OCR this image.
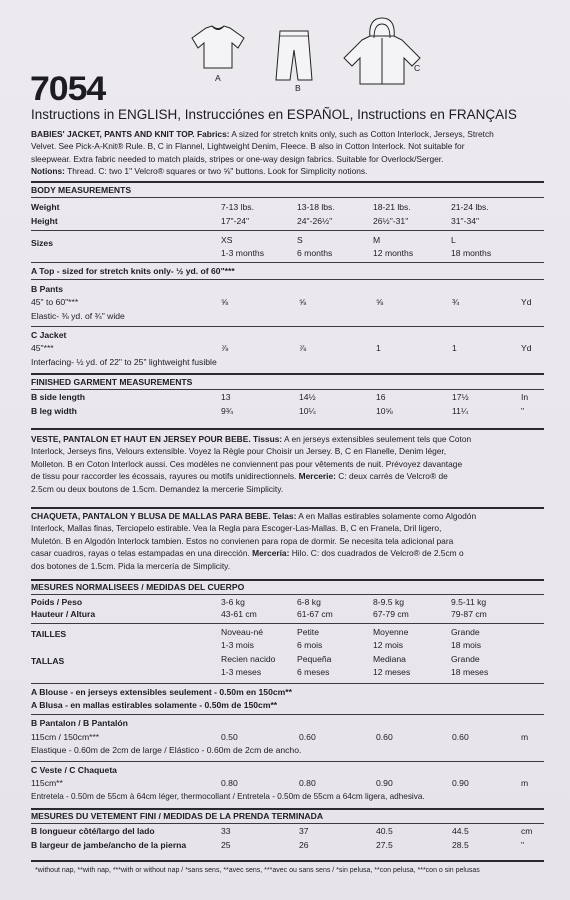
A
B
C
7054
Instructions in ENGLISH, Instrucciónes en ESPAÑOL, Instructions en FRANÇAIS
BABIES' JACKET, PANTS AND KNIT TOP. Fabrics: A sized for stretch knits only, such as Cotton Interlock, Jerseys, Stretch
Velvet. See Pick-A-Knit® Rule. B, C in Flannel, Lightweight Denim, Fleece. B also in Cotton Interlock. Not suitable for
sleepwear. Extra fabric needed to match plaids, stripes or one-way design fabrics. Suitable for Overlock/Serger.
Notions: Thread. C: two 1" Velcro® squares or two ⅝" buttons. Look for Simplicity notions.
BODY MEASUREMENTS
Weight	7-13 lbs.	13-18 lbs.	18-21 lbs.	21-24 lbs.
Height	17"-24"	24"-26½"	26½"-31"	31"-34"
Sizes	XS	S	M	L
1-3 months	6 months	12 months	18 months
A Top - sized for stretch knits only- ½ yd. of 60"***
B Pants
45" to 60"***	⅝	⅝	⅝	¾	Yd
Elastic- ⅜ yd. of ¾" wide
C Jacket
45"***	⅞	⅞	1	1	Yd
Interfacing- ½ yd. of 22" to 25" lightweight fusible
FINISHED GARMENT MEASUREMENTS
B side length	13	14½	16	17½	In
B leg width	9¾	10¼	10⅝	11¼	"
VESTE, PANTALON ET HAUT EN JERSEY POUR BEBE. Tissus: A en jerseys extensibles seulement tels que Coton
Interlock, Jerseys fins, Velours extensible. Voyez la Règle pour Choisir un Jersey. B, C en Flanelle, Denim léger,
Molleton. B en Coton Interlock aussi. Ces modèles ne conviennent pas pour vêtements de nuit. Prévoyez davantage
de tissu pour raccorder les écossais, rayures ou motifs unidirectionnels. Mercerie: C: deux carrés de Velcro® de
2.5cm ou deux boutons de 1.5cm. Demandez la mercerie Simplicity.
CHAQUETA, PANTALON Y BLUSA DE MALLAS PARA BEBE. Telas: A en Mallas estirables solamente como Algodón
Interlock, Mallas finas, Terciopelo estirable. Vea la Regla para Escoger-Las-Mallas. B, C en Franela, Dril ligero,
Muletón. B en Algodón Interlock tambien. Estos no convienen para ropa de dormir. Se necesita tela adicional para
casar cuadros, rayas o telas estampadas en una dirección. Mercería: Hilo. C: dos cuadrados de Velcro® de 2.5cm o
dos botones de 1.5cm. Pida la mercería de Simplicity.
MESURES NORMALISEES / MEDIDAS DEL CUERPO
Poids / Peso	3-6 kg	6-8 kg	8-9.5 kg	9.5-11 kg
Hauteur / Altura	43-61 cm	61-67 cm	67-79 cm	79-87 cm
TAILLES	Noveau-né	Petite	Moyenne	Grande
1-3 mois	6 mois	12 mois	18 mois
TALLAS	Recien nacido	Pequeña	Mediana	Grande
1-3 meses	6 meses	12 meses	18 meses
A Blouse - en jerseys extensibles seulement - 0.50m en 150cm**
A Blusa - en mallas estirables solamente - 0.50m de 150cm**
B Pantalon / B Pantalón
115cm / 150cm***	0.50	0.60	0.60	0.60	m
Elastique - 0.60m de 2cm de large / Elástico - 0.60m de 2cm de ancho.
C Veste / C Chaqueta
115cm**	0.80	0.80	0.90	0.90	m
Entretela - 0.50m de 55cm à 64cm léger, thermocollant / Entretela - 0.50m de 55cm a 64cm ligera, adhesiva.
MESURES DU VETEMENT FINI / MEDIDAS DE LA PRENDA TERMINADA
B longueur côté/largo del lado	33	37	40.5	44.5	cm
B largeur de jambe/ancho de la pierna	25	26	27.5	28.5	"
*without nap, **with nap, ***with or without nap / *sans sens, **avec sens, ***avec ou sans sens / *sin pelusa, **con pelusa, ***con o sin pelusas
